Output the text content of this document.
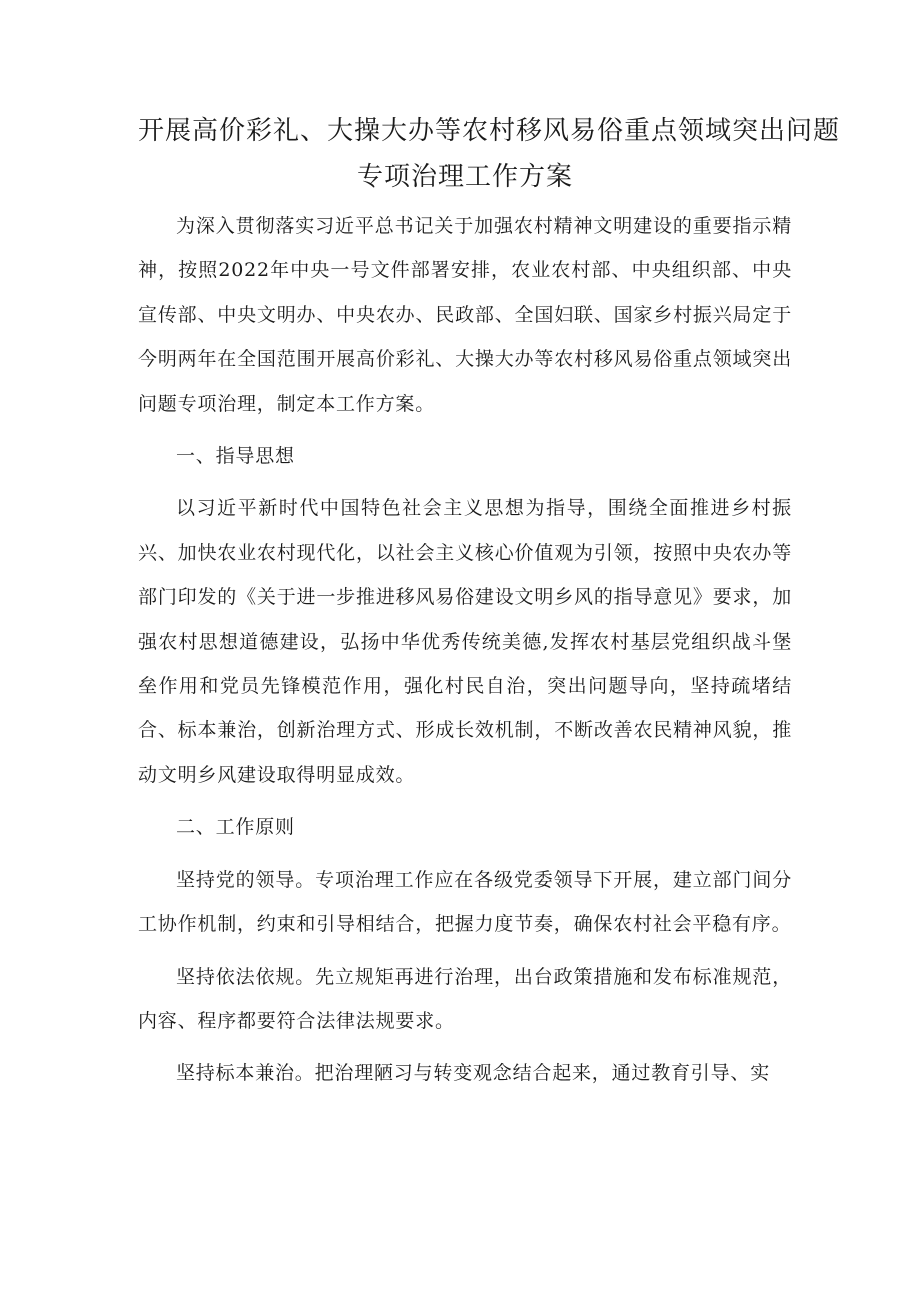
开展高价彩礼、大操大办等农村移风易俗重点领域突出问题
专项治理工作方案

为深入贯彻落实习近平总书记关于加强农村精神文明建设的重要指示精神，按照2022年中央一号文件部署安排，农业农村部、中央组织部、中央宣传部、中央文明办、中央农办、民政部、全国妇联、国家乡村振兴局定于今明两年在全国范围开展高价彩礼、大操大办等农村移风易俗重点领域突出问题专项治理，制定本工作方案。

一、指导思想

以习近平新时代中国特色社会主义思想为指导，围绕全面推进乡村振兴、加快农业农村现代化，以社会主义核心价值观为引领，按照中央农办等部门印发的《关于进一步推进移风易俗建设文明乡风的指导意见》要求，加强农村思想道德建设，弘扬中华优秀传统美德,发挥农村基层党组织战斗堡垒作用和党员先锋模范作用，强化村民自治，突出问题导向，坚持疏堵结合、标本兼治，创新治理方式、形成长效机制，不断改善农民精神风貌，推动文明乡风建设取得明显成效。

二、工作原则

坚持党的领导。专项治理工作应在各级党委领导下开展，建立部门间分工协作机制，约束和引导相结合，把握力度节奏，确保农村社会平稳有序。

坚持依法依规。先立规矩再进行治理，出台政策措施和发布标准规范，内容、程序都要符合法律法规要求。

坚持标本兼治。把治理陋习与转变观念结合起来，通过教育引导、实
